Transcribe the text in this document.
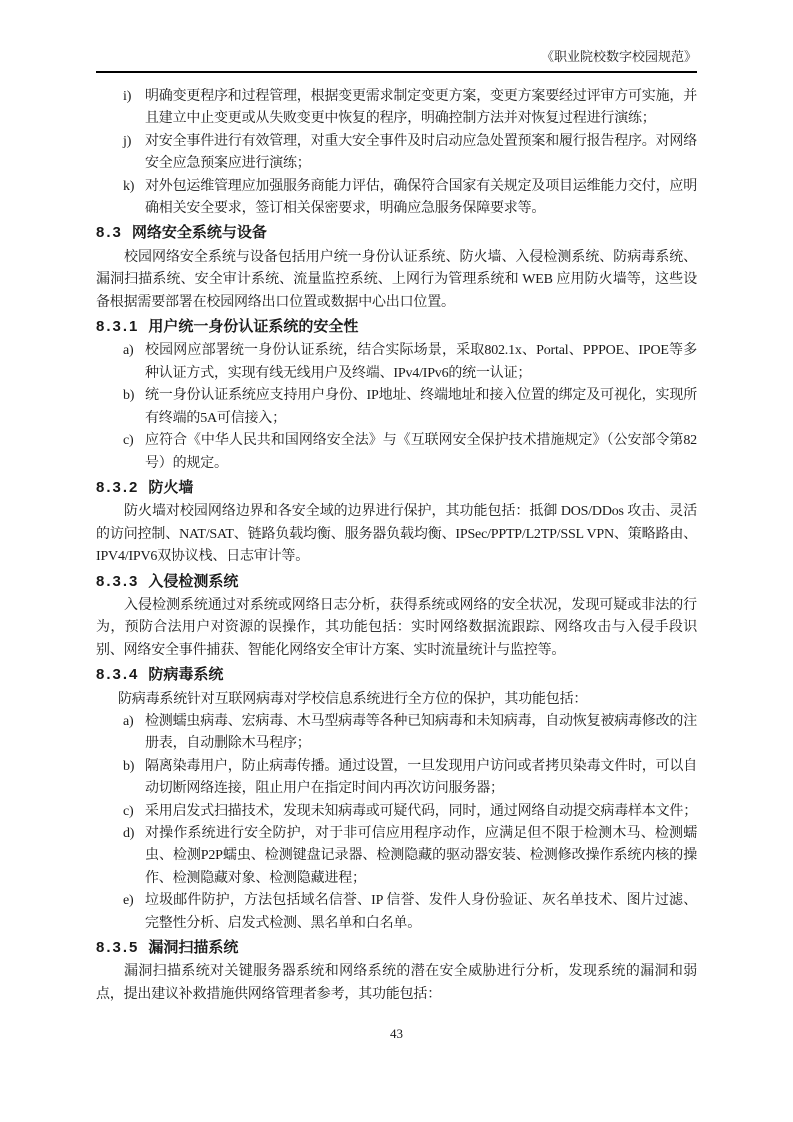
《职业院校数字校园规范》
i) 明确变更程序和过程管理，根据变更需求制定变更方案，变更方案要经过评审方可实施，并且建立中止变更或从失败变更中恢复的程序，明确控制方法并对恢复过程进行演练；
j) 对安全事件进行有效管理，对重大安全事件及时启动应急处置预案和履行报告程序。对网络安全应急预案应进行演练；
k) 对外包运维管理应加强服务商能力评估，确保符合国家有关规定及项目运维能力交付，应明确相关安全要求，签订相关保密要求，明确应急服务保障要求等。
8.3 网络安全系统与设备

校园网络安全系统与设备包括用户统一身份认证系统、防火墙、入侵检测系统、防病毒系统、漏洞扫描系统、安全审计系统、流量监控系统、上网行为管理系统和 WEB 应用防火墙等，这些设备根据需要部署在校园网络出口位置或数据中心出口位置。

8.3.1 用户统一身份认证系统的安全性
a) 校园网应部署统一身份认证系统，结合实际场景，采取802.1x、Portal、PPPOE、IPOE等多种认证方式，实现有线无线用户及终端、IPv4/IPv6的统一认证；
b) 统一身份认证系统应支持用户身份、IP地址、终端地址和接入位置的绑定及可视化，实现所有终端的5A可信接入；
c) 应符合《中华人民共和国网络安全法》与《互联网安全保护技术措施规定》（公安部令第82号）的规定。
8.3.2 防火墙

防火墙对校园网络边界和各安全域的边界进行保护，其功能包括：抵御 DOS/DDos 攻击、灵活的访问控制、NAT/SAT、链路负载均衡、服务器负载均衡、IPSec/PPTP/L2TP/SSL VPN、策略路由、IPV4/IPV6双协议栈、日志审计等。

8.3.3 入侵检测系统

入侵检测系统通过对系统或网络日志分析，获得系统或网络的安全状况，发现可疑或非法的行为，预防合法用户对资源的误操作，其功能包括：实时网络数据流跟踪、网络攻击与入侵手段识别、网络安全事件捕获、智能化网络安全审计方案、实时流量统计与监控等。

8.3.4 防病毒系统

防病毒系统针对互联网病毒对学校信息系统进行全方位的保护，其功能包括：

a) 检测蠕虫病毒、宏病毒、木马型病毒等各种已知病毒和未知病毒，自动恢复被病毒修改的注册表，自动删除木马程序；
b) 隔离染毒用户，防止病毒传播。通过设置，一旦发现用户访问或者拷贝染毒文件时，可以自动切断网络连接，阻止用户在指定时间内再次访问服务器；
c) 采用启发式扫描技术，发现未知病毒或可疑代码，同时，通过网络自动提交病毒样本文件；
d) 对操作系统进行安全防护，对于非可信应用程序动作，应满足但不限于检测木马、检测蠕虫、检测P2P蠕虫、检测键盘记录器、检测隐藏的驱动器安装、检测修改操作系统内核的操作、检测隐藏对象、检测隐藏进程；
e) 垃圾邮件防护，方法包括域名信誉、IP 信誉、发件人身份验证、灰名单技术、图片过滤、完整性分析、启发式检测、黑名单和白名单。
8.3.5 漏洞扫描系统

漏洞扫描系统对关键服务器系统和网络系统的潜在安全威胁进行分析，发现系统的漏洞和弱点，提出建议补救措施供网络管理者参考，其功能包括：

43
